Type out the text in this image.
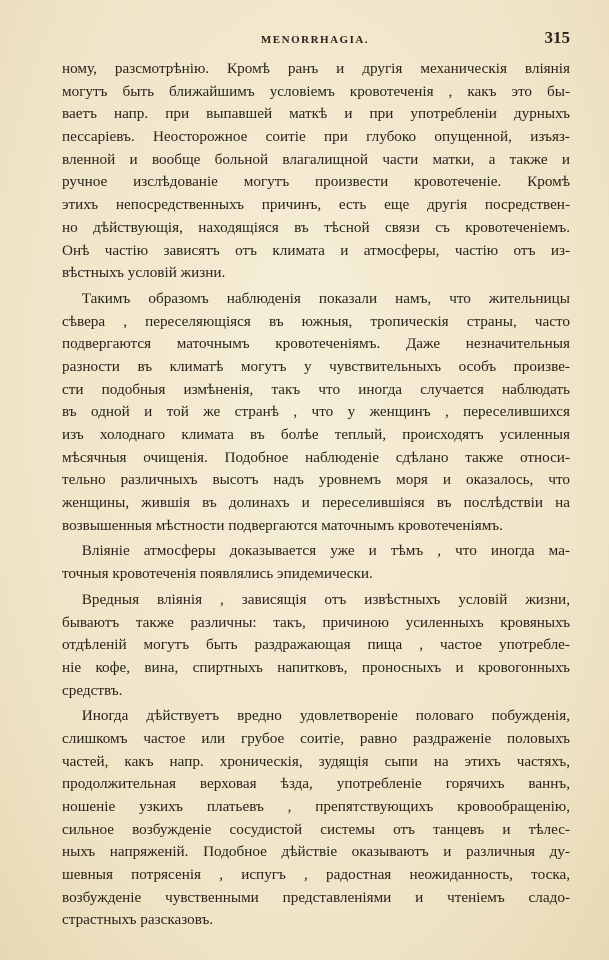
MENORRHAGIA.	315
ному, разсмотрѣнію. Кромѣ ранъ и другія механическія вліянія
могутъ быть ближайшимъ условіемъ кровотеченія , какъ это бы-
ваетъ напр. при выпавшей маткѣ и при употребленіи дурныхъ
пессаріевъ. Неосторожное соитіе при глубоко опущенной, изъяз-
вленной и вообще больной влагалищной части матки, а также и
ручное изслѣдованіе могутъ произвести кровотеченіе. Кромѣ
этихъ непосредственныхъ причинъ, есть еще другія посредствен-
но дѣйствующія, находящіяся въ тѣсной связи съ кровотеченіемъ.
Онѣ частію зависятъ отъ климата и атмосферы, частію отъ из-
вѣстныхъ условій жизни.
Такимъ образомъ наблюденія показали намъ, что жительницы
сѣвера , переселяющіяся въ южныя, тропическія страны, часто
подвергаются маточнымъ кровотеченіямъ. Даже незначительныя
разности въ климатѣ могутъ у чувствительныхъ особъ произве-
сти подобныя измѣненія, такъ что иногда случается наблюдать
въ одной и той же странѣ , что у женщинъ , переселившихся
изъ холоднаго климата въ болѣе теплый, происходятъ усиленныя
мѣсячныя очищенія. Подобное наблюденіе сдѣлано также относи-
тельно различныхъ высотъ надъ уровнемъ моря и оказалось, что
женщины, жившія въ долинахъ и переселившіяся въ послѣдствіи на
возвышенныя мѣстности подвергаются маточнымъ кровотеченіямъ.
Вліяніе атмосферы доказывается уже и тѣмъ , что иногда ма-
точныя кровотеченія появлялись эпидемически.
Вредныя вліянія , зависящія отъ извѣстныхъ условій жизни,
бываютъ также различны: такъ, причиною усиленныхъ кровяныхъ
отдѣленій могутъ быть раздражающая пища , частое употребле-
ніе кофе, вина, спиртныхъ напитковъ, проносныхъ и кровогонныхъ
средствъ.
Иногда дѣйствуетъ вредно удовлетвореніе половаго побужденія,
слишкомъ частое или грубое соитіе, равно раздраженіе половыхъ
частей, какъ напр. хроническія, зудящія сыпи на этихъ частяхъ,
продолжительная верховая ѣзда, употребленіе горячихъ ваннъ,
ношеніе узкихъ платьевъ , препятствующихъ кровообращенію,
сильное возбужденіе сосудистой системы отъ танцевъ и тѣлес-
ныхъ напряженій. Подобное дѣйствіе оказываютъ и различныя ду-
шевныя потрясенія , испугъ , радостная неожиданность, тоска,
возбужденіе чувственными представленіями и чтеніемъ сладо-
страстныхъ разсказовъ.
